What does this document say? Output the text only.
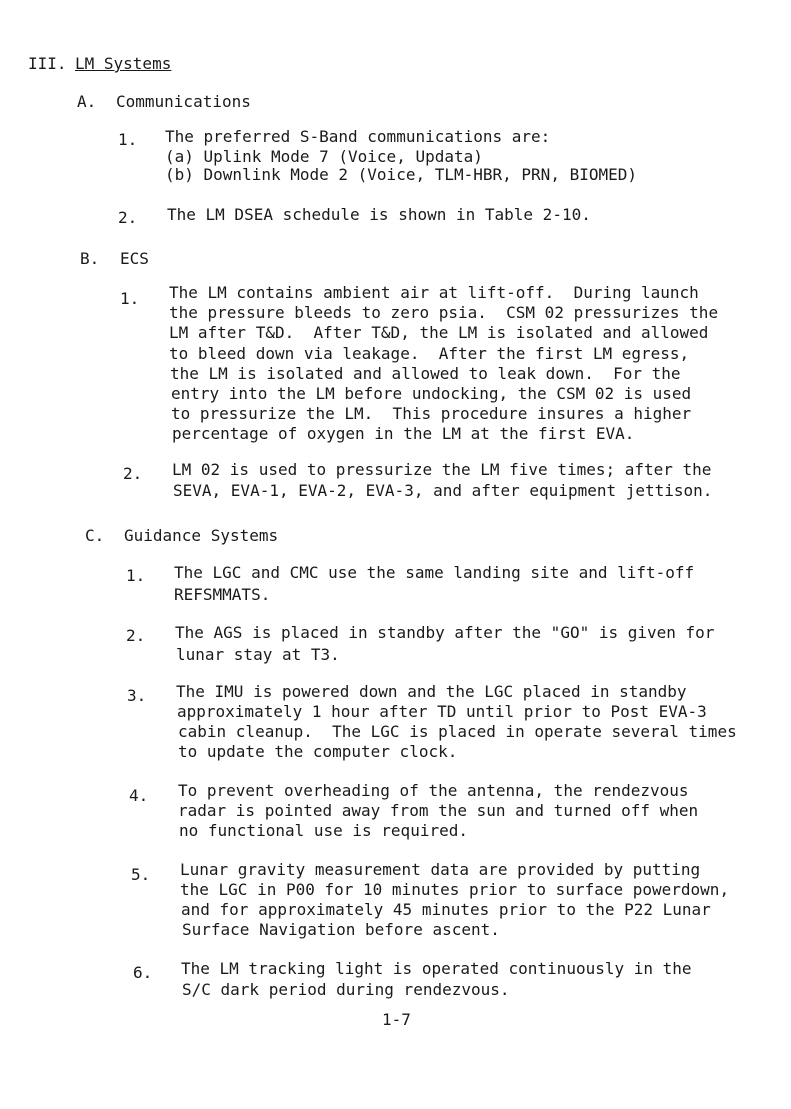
III. LM Systems
A. Communications
1. The preferred S-Band communications are:
(a) Uplink Mode 7 (Voice, Updata)
(b) Downlink Mode 2 (Voice, TLM-HBR, PRN, BIOMED)
2. The LM DSEA schedule is shown in Table 2-10.
B. ECS
1. The LM contains ambient air at lift-off.  During launch
the pressure bleeds to zero psia.  CSM 02 pressurizes the
LM after T&D.  After T&D, the LM is isolated and allowed
to bleed down via leakage.  After the first LM egress,
the LM is isolated and allowed to leak down.  For the
entry into the LM before undocking, the CSM 02 is used
to pressurize the LM.  This procedure insures a higher
percentage of oxygen in the LM at the first EVA.
2. LM 02 is used to pressurize the LM five times; after the
SEVA, EVA-1, EVA-2, EVA-3, and after equipment jettison.
C. Guidance Systems
1. The LGC and CMC use the same landing site and lift-off
REFSMMATS.
2. The AGS is placed in standby after the "GO" is given for
lunar stay at T3.
3. The IMU is powered down and the LGC placed in standby
approximately 1 hour after TD until prior to Post EVA-3
cabin cleanup.  The LGC is placed in operate several times
to update the computer clock.
4. To prevent overheading of the antenna, the rendezvous
radar is pointed away from the sun and turned off when
no functional use is required.
5. Lunar gravity measurement data are provided by putting
the LGC in P00 for 10 minutes prior to surface powerdown,
and for approximately 45 minutes prior to the P22 Lunar
Surface Navigation before ascent.
6. The LM tracking light is operated continuously in the
S/C dark period during rendezvous.
1-7
